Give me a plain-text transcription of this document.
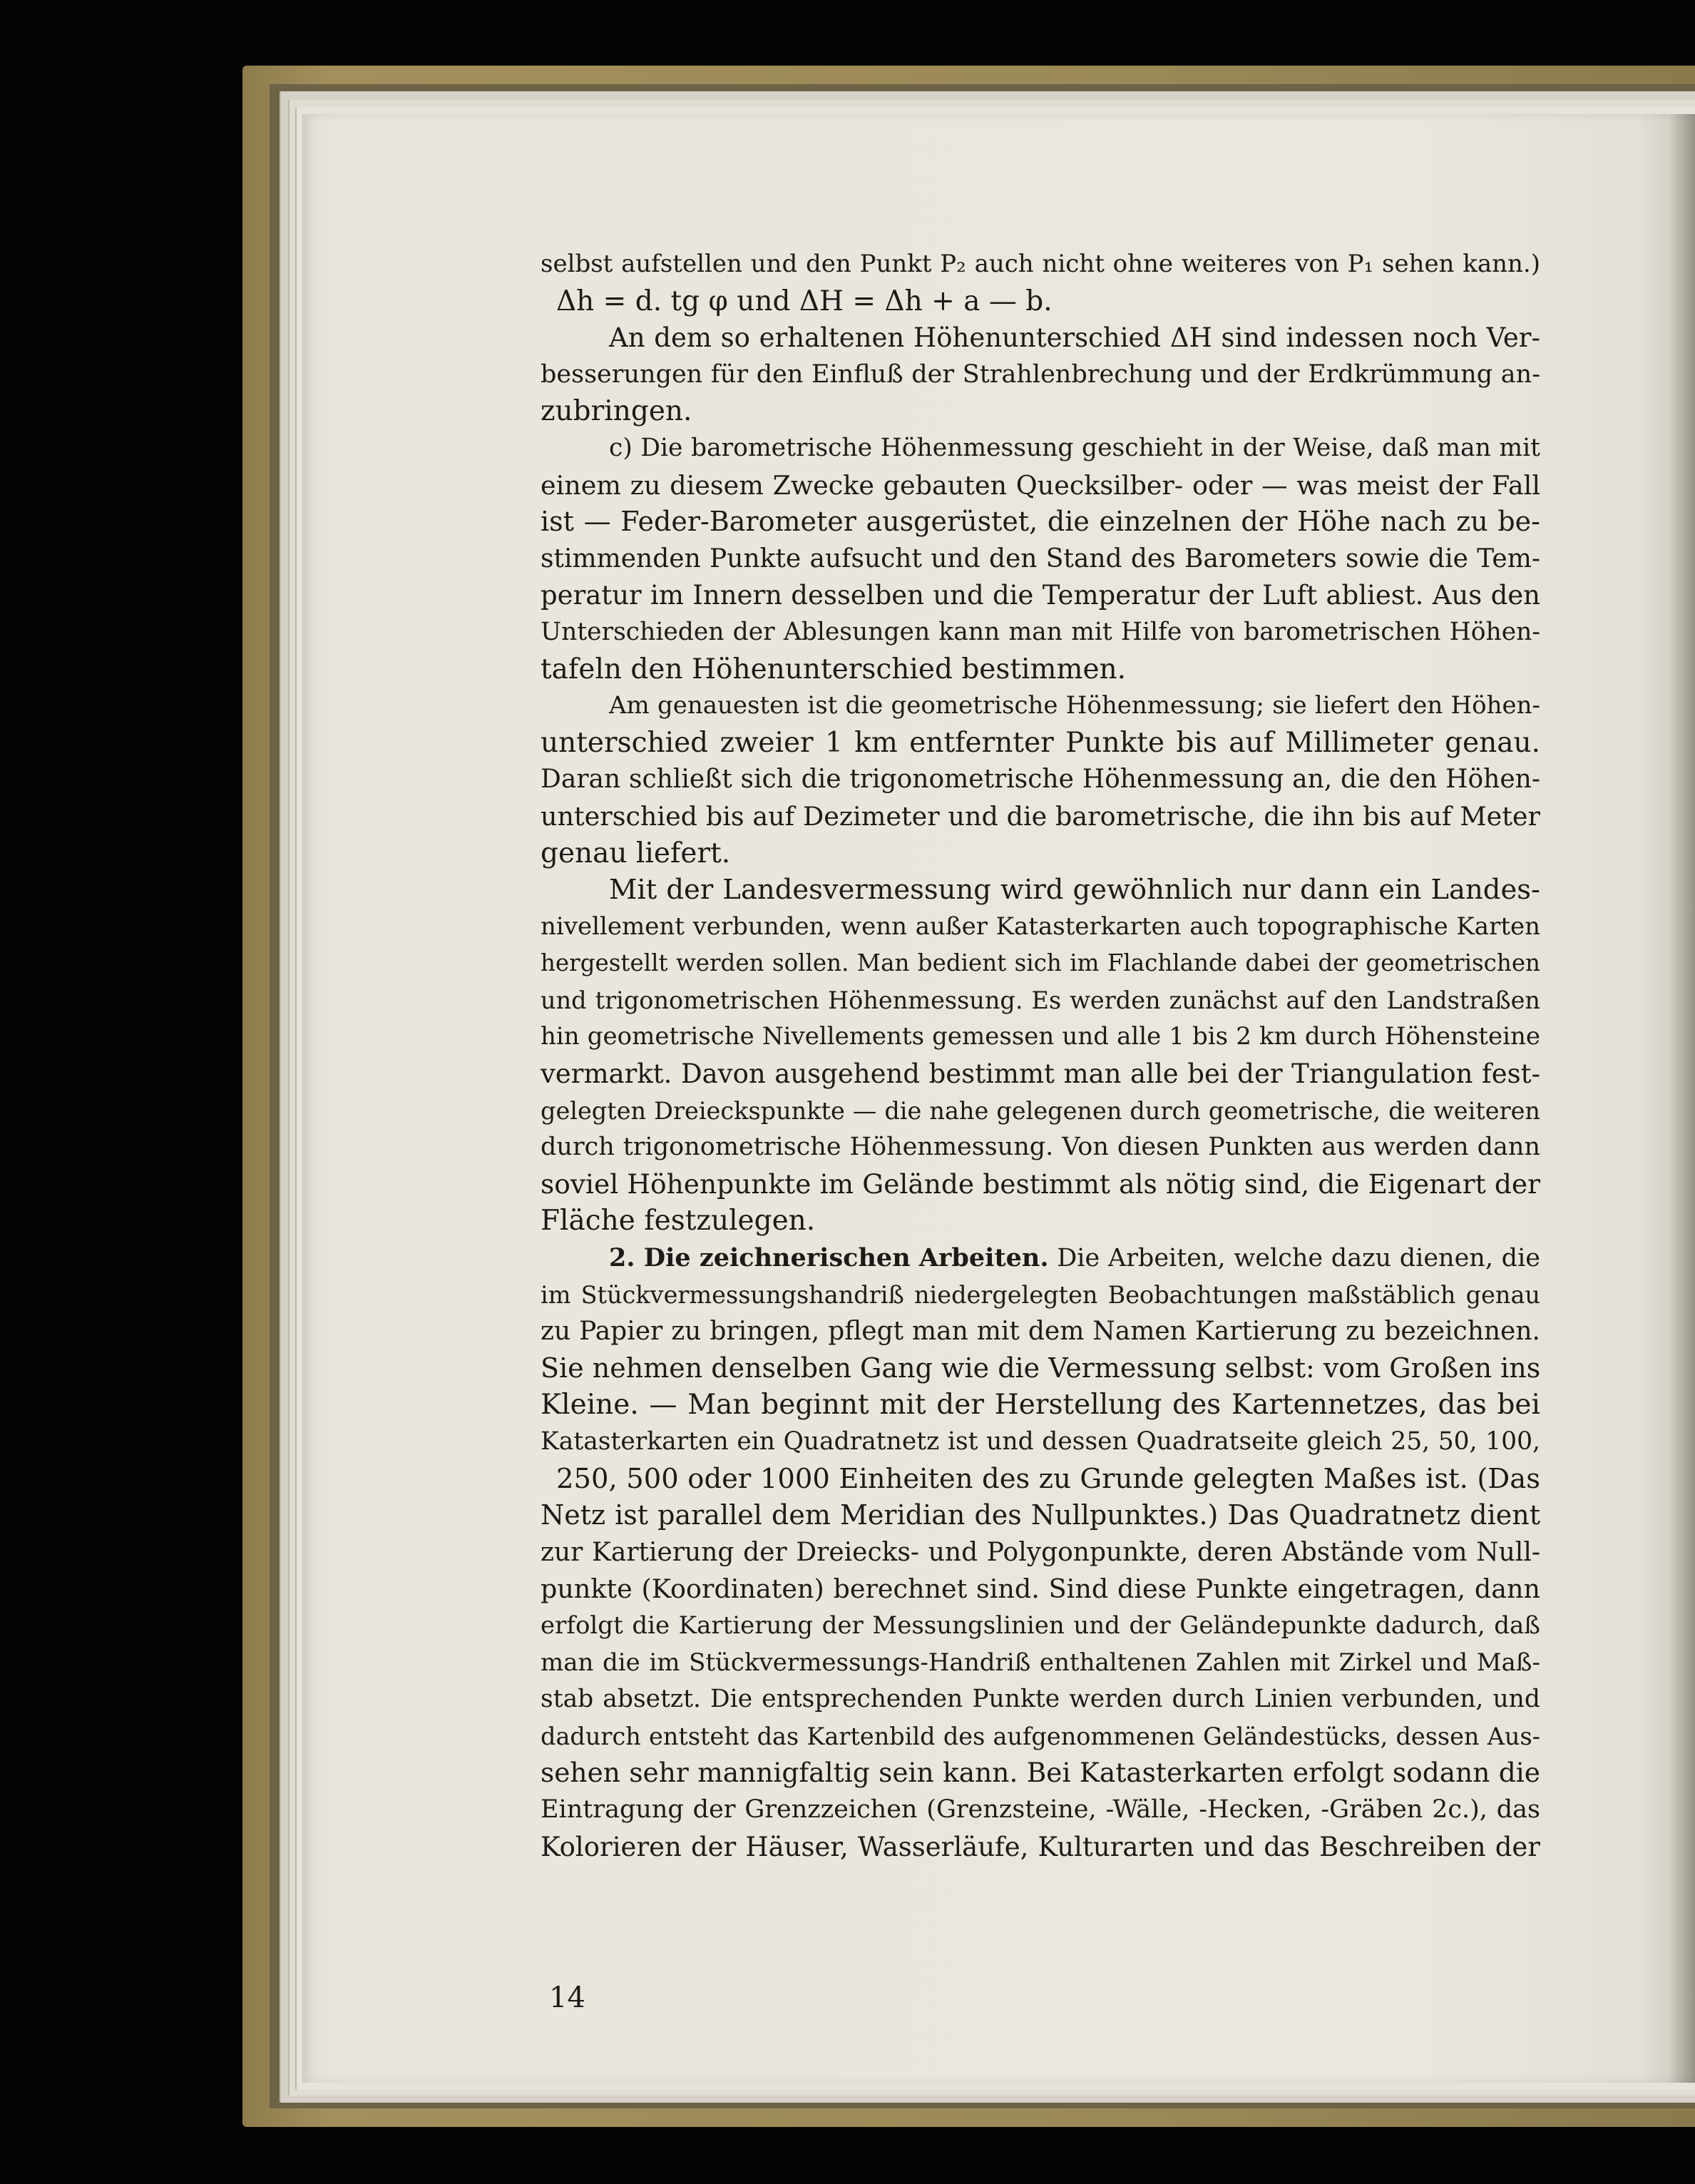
selbst aufstellen und den Punkt P₂ auch nicht ohne weiteres von P₁ sehen kann.)
Δh = d. tg φ und ΔH = Δh + a — b.
An dem so erhaltenen Höhenunterschied ΔH sind indessen noch Ver-
besserungen für den Einfluß der Strahlenbrechung und der Erdkrümmung an-
zubringen.
c) Die barometrische Höhenmessung geschieht in der Weise, daß man mit
einem zu diesem Zwecke gebauten Quecksilber- oder — was meist der Fall
ist — Feder-Barometer ausgerüstet, die einzelnen der Höhe nach zu be-
stimmenden Punkte aufsucht und den Stand des Barometers sowie die Tem-
peratur im Innern desselben und die Temperatur der Luft abliest. Aus den
Unterschieden der Ablesungen kann man mit Hilfe von barometrischen Höhen-
tafeln den Höhenunterschied bestimmen.
Am genauesten ist die geometrische Höhenmessung; sie liefert den Höhen-
unterschied zweier 1 km entfernter Punkte bis auf Millimeter genau.
Daran schließt sich die trigonometrische Höhenmessung an, die den Höhen-
unterschied bis auf Dezimeter und die barometrische, die ihn bis auf Meter
genau liefert.
Mit der Landesvermessung wird gewöhnlich nur dann ein Landes-
nivellement verbunden, wenn außer Katasterkarten auch topographische Karten
hergestellt werden sollen. Man bedient sich im Flachlande dabei der geometrischen
und trigonometrischen Höhenmessung. Es werden zunächst auf den Landstraßen
hin geometrische Nivellements gemessen und alle 1 bis 2 km durch Höhensteine
vermarkt. Davon ausgehend bestimmt man alle bei der Triangulation fest-
gelegten Dreieckspunkte — die nahe gelegenen durch geometrische, die weiteren
durch trigonometrische Höhenmessung. Von diesen Punkten aus werden dann
soviel Höhenpunkte im Gelände bestimmt als nötig sind, die Eigenart der
Fläche festzulegen.
2. Die zeichnerischen Arbeiten. Die Arbeiten, welche dazu dienen, die
im Stückvermessungshandriß niedergelegten Beobachtungen maßstäblich genau
zu Papier zu bringen, pflegt man mit dem Namen Kartierung zu bezeichnen.
Sie nehmen denselben Gang wie die Vermessung selbst: vom Großen ins
Kleine. — Man beginnt mit der Herstellung des Kartennetzes, das bei
Katasterkarten ein Quadratnetz ist und dessen Quadratseite gleich 25, 50, 100,
250, 500 oder 1000 Einheiten des zu Grunde gelegten Maßes ist. (Das
Netz ist parallel dem Meridian des Nullpunktes.) Das Quadratnetz dient
zur Kartierung der Dreiecks- und Polygonpunkte, deren Abstände vom Null-
punkte (Koordinaten) berechnet sind. Sind diese Punkte eingetragen, dann
erfolgt die Kartierung der Messungslinien und der Geländepunkte dadurch, daß
man die im Stückvermessungs-Handriß enthaltenen Zahlen mit Zirkel und Maß-
stab absetzt. Die entsprechenden Punkte werden durch Linien verbunden, und
dadurch entsteht das Kartenbild des aufgenommenen Geländestücks, dessen Aus-
sehen sehr mannigfaltig sein kann. Bei Katasterkarten erfolgt sodann die
Eintragung der Grenzzeichen (Grenzsteine, -Wälle, -Hecken, -Gräben 2c.), das
Kolorieren der Häuser, Wasserläufe, Kulturarten und das Beschreiben der
14
